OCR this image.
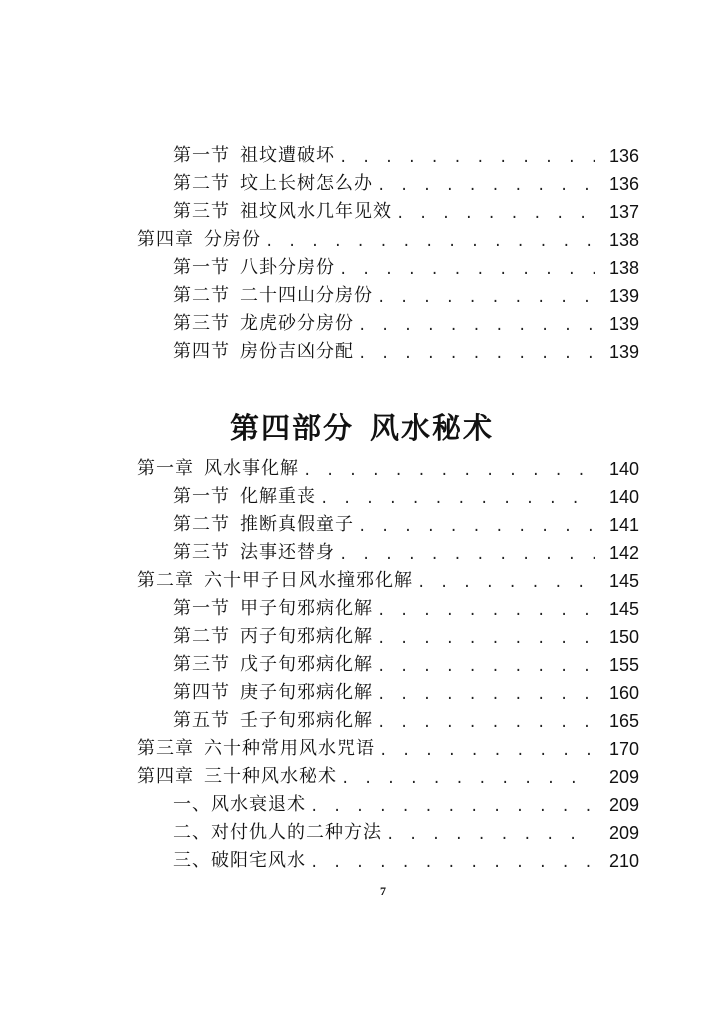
第一节 祖坟遭破坏 . . .	136
第二节 坟上长树怎么办 . . .	136
第三节 祖坟风水几年见效 . . .	137
第四章 分房份 . . .	138
第一节 八卦分房份 . . .	138
第二节 二十四山分房份 . . .	139
第三节 龙虎砂分房份 . . .	139
第四节 房份吉凶分配 . . .	139
第四部分 风水秘术
第一章 风水事化解 . . .	140
第一节 化解重丧 . . .	140
第二节 推断真假童子 . . .	141
第三节 法事还替身 . . .	142
第二章 六十甲子日风水撞邪化解 . . .	145
第一节 甲子旬邪病化解 . . .	145
第二节 丙子旬邪病化解 . . .	150
第三节 戊子旬邪病化解 . . .	155
第四节 庚子旬邪病化解 . . .	160
第五节 壬子旬邪病化解 . . .	165
第三章 六十种常用风水咒语 . . .	170
第四章 三十种风水秘术 . . .	209
一、风水衰退术 . . .	209
二、对付仇人的二种方法 . . .	209
三、破阳宅风水 . . .	210
7
